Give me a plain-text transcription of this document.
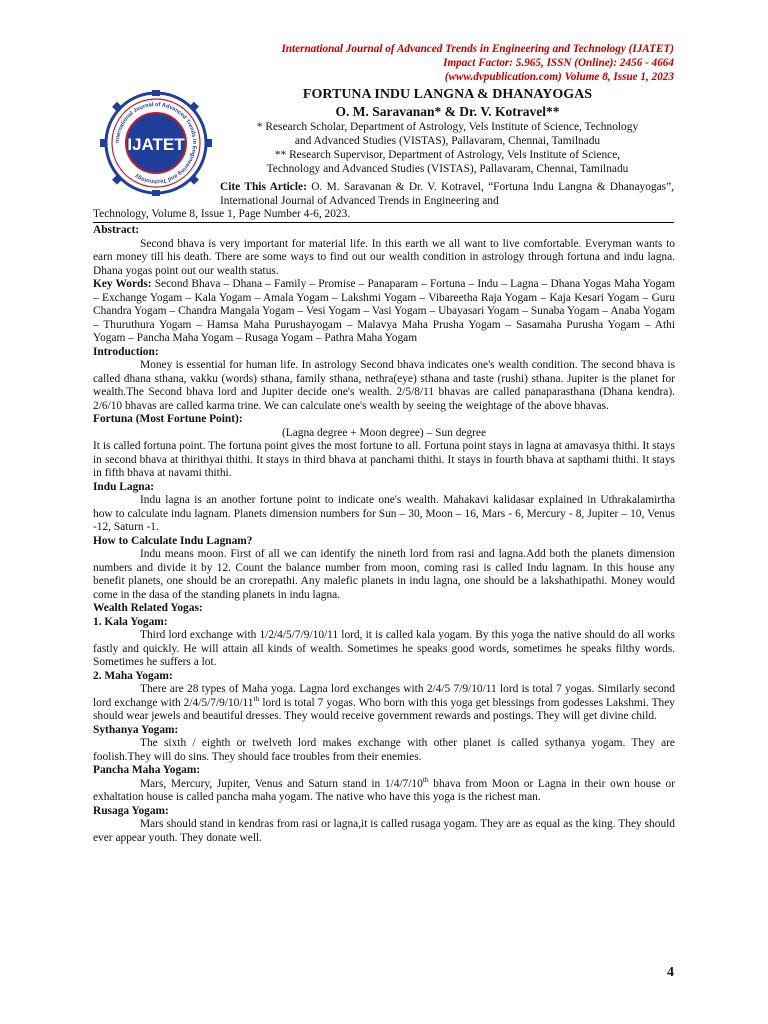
International Journal of Advanced Trends in Engineering and Technology (IJATET)
Impact Factor: 5.965, ISSN (Online): 2456 - 4664
(www.dvpublication.com) Volume 8, Issue 1, 2023
International Journal of Advanced Trends in Engineering and Technology
IJATET
FORTUNA INDU LANGNA & DHANAYOGAS
O. M. Saravanan* & Dr. V. Kotravel**
* Research Scholar, Department of Astrology, Vels Institute of Science, Technology
and Advanced Studies (VISTAS), Pallavaram, Chennai, Tamilnadu
** Research Supervisor, Department of Astrology, Vels Institute of Science,
Technology and Advanced Studies (VISTAS), Pallavaram, Chennai, Tamilnadu
Cite This Article: O. M. Saravanan & Dr. V. Kotravel, “Fortuna Indu Langna & Dhanayogas”, International Journal of Advanced Trends in Engineering and
Technology, Volume 8, Issue 1, Page Number 4-6, 2023.
Abstract:

Second bhava is very important for material life. In this earth we all want to live comfortable. Everyman wants to earn money till his death. There are some ways to find out our wealth condition in astrology through fortuna and indu lagna. Dhana yogas point out our wealth status.

Key Words: Second Bhava – Dhana – Family – Promise – Panaparam – Fortuna – Indu – Lagna – Dhana Yogas Maha Yogam – Exchange Yogam – Kala Yogam – Amala Yogam – Lakshmi Yogam – Vibareetha Raja Yogam – Kaja Kesari Yogam – Guru Chandra Yogam – Chandra Mangala Yogam – Vesi Yogam – Vasi Yogam – Ubayasari Yogam – Sunaba Yogam – Anaba Yogam – Thuruthura Yogam – Hamsa Maha Purushayogam – Malavya Maha Prusha Yogam – Sasamaha Purusha Yogam – Athi Yogam – Pancha Maha Yogam – Rusaga Yogam – Pathra Maha Yogam

Introduction:

Money is essential for human life. In astrology Second bhava indicates one's wealth condition. The second bhava is called dhana sthana, vakku (words) sthana, family sthana, nethra(eye) sthana and taste (rushi) sthana. Jupiter is the planet for wealth.The Second bhava lord and Jupiter decide one's wealth. 2/5/8/11 bhavas are called panaparasthana (Dhana kendra). 2/6/10 bhavas are called karma trine. We can calculate one's wealth by seeing the weightage of the above bhavas.

Fortuna (Most Fortune Point):

(Lagna degree + Moon degree) – Sun degree

It is called fortuna point. The fortuna point gives the most fortune to all. Fortuna point stays in lagna at amavasya thithi. It stays in second bhava at thirithyai thithi. It stays in third bhava at panchami thithi. It stays in fourth bhava at sapthami thithi. It stays in fifth bhava at navami thithi.

Indu Lagna:

Indu lagna is an another fortune point to indicate one's wealth. Mahakavi kalidasar explained in Uthrakalamirtha how to calculate indu lagnam. Planets dimension numbers for Sun – 30, Moon – 16, Mars - 6, Mercury - 8, Jupiter – 10, Venus -12, Saturn -1.

How to Calculate Indu Lagnam?

Indu means moon. First of all we can identify the nineth lord from rasi and lagna.Add both the planets dimension numbers and divide it by 12. Count the balance number from moon, coming rasi is called Indu lagnam. In this house any benefit planets, one should be an crorepathi. Any malefic planets in indu lagna, one should be a lakshathipathi. Money would come in the dasa of the standing planets in indu lagna.

Wealth Related Yogas:
1. Kala Yogam:

Third lord exchange with 1/2/4/5/7/9/10/11 lord, it is called kala yogam. By this yoga the native should do all works fastly and quickly. He will attain all kinds of wealth. Sometimes he speaks good words, sometimes he speaks filthy words. Sometimes he suffers a lot.

2. Maha Yogam:

There are 28 types of Maha yoga. Lagna lord exchanges with 2/4/5 7/9/10/11 lord is total 7 yogas. Similarly second lord exchange with 2/4/5/7/9/10/11th lord is total 7 yogas. Who born with this yoga get blessings from godesses Lakshmi. They should wear jewels and beautiful dresses. They would receive government rewards and postings. They will get divine child.

Sythanya Yogam:

The sixth / eighth or twelveth lord makes exchange with other planet is called sythanya yogam. They are foolish.They will do sins. They should face troubles from their enemies.

Pancha Maha Yogam:

Mars, Mercury, Jupiter, Venus and Saturn stand in 1/4/7/10th bhava from Moon or Lagna in their own house or exhaltation house is called pancha maha yogam. The native who have this yoga is the richest man.

Rusaga Yogam:

Mars should stand in kendras from rasi or lagna,it is called rusaga yogam. They are as equal as the king. They should ever appear youth. They donate well.

4
